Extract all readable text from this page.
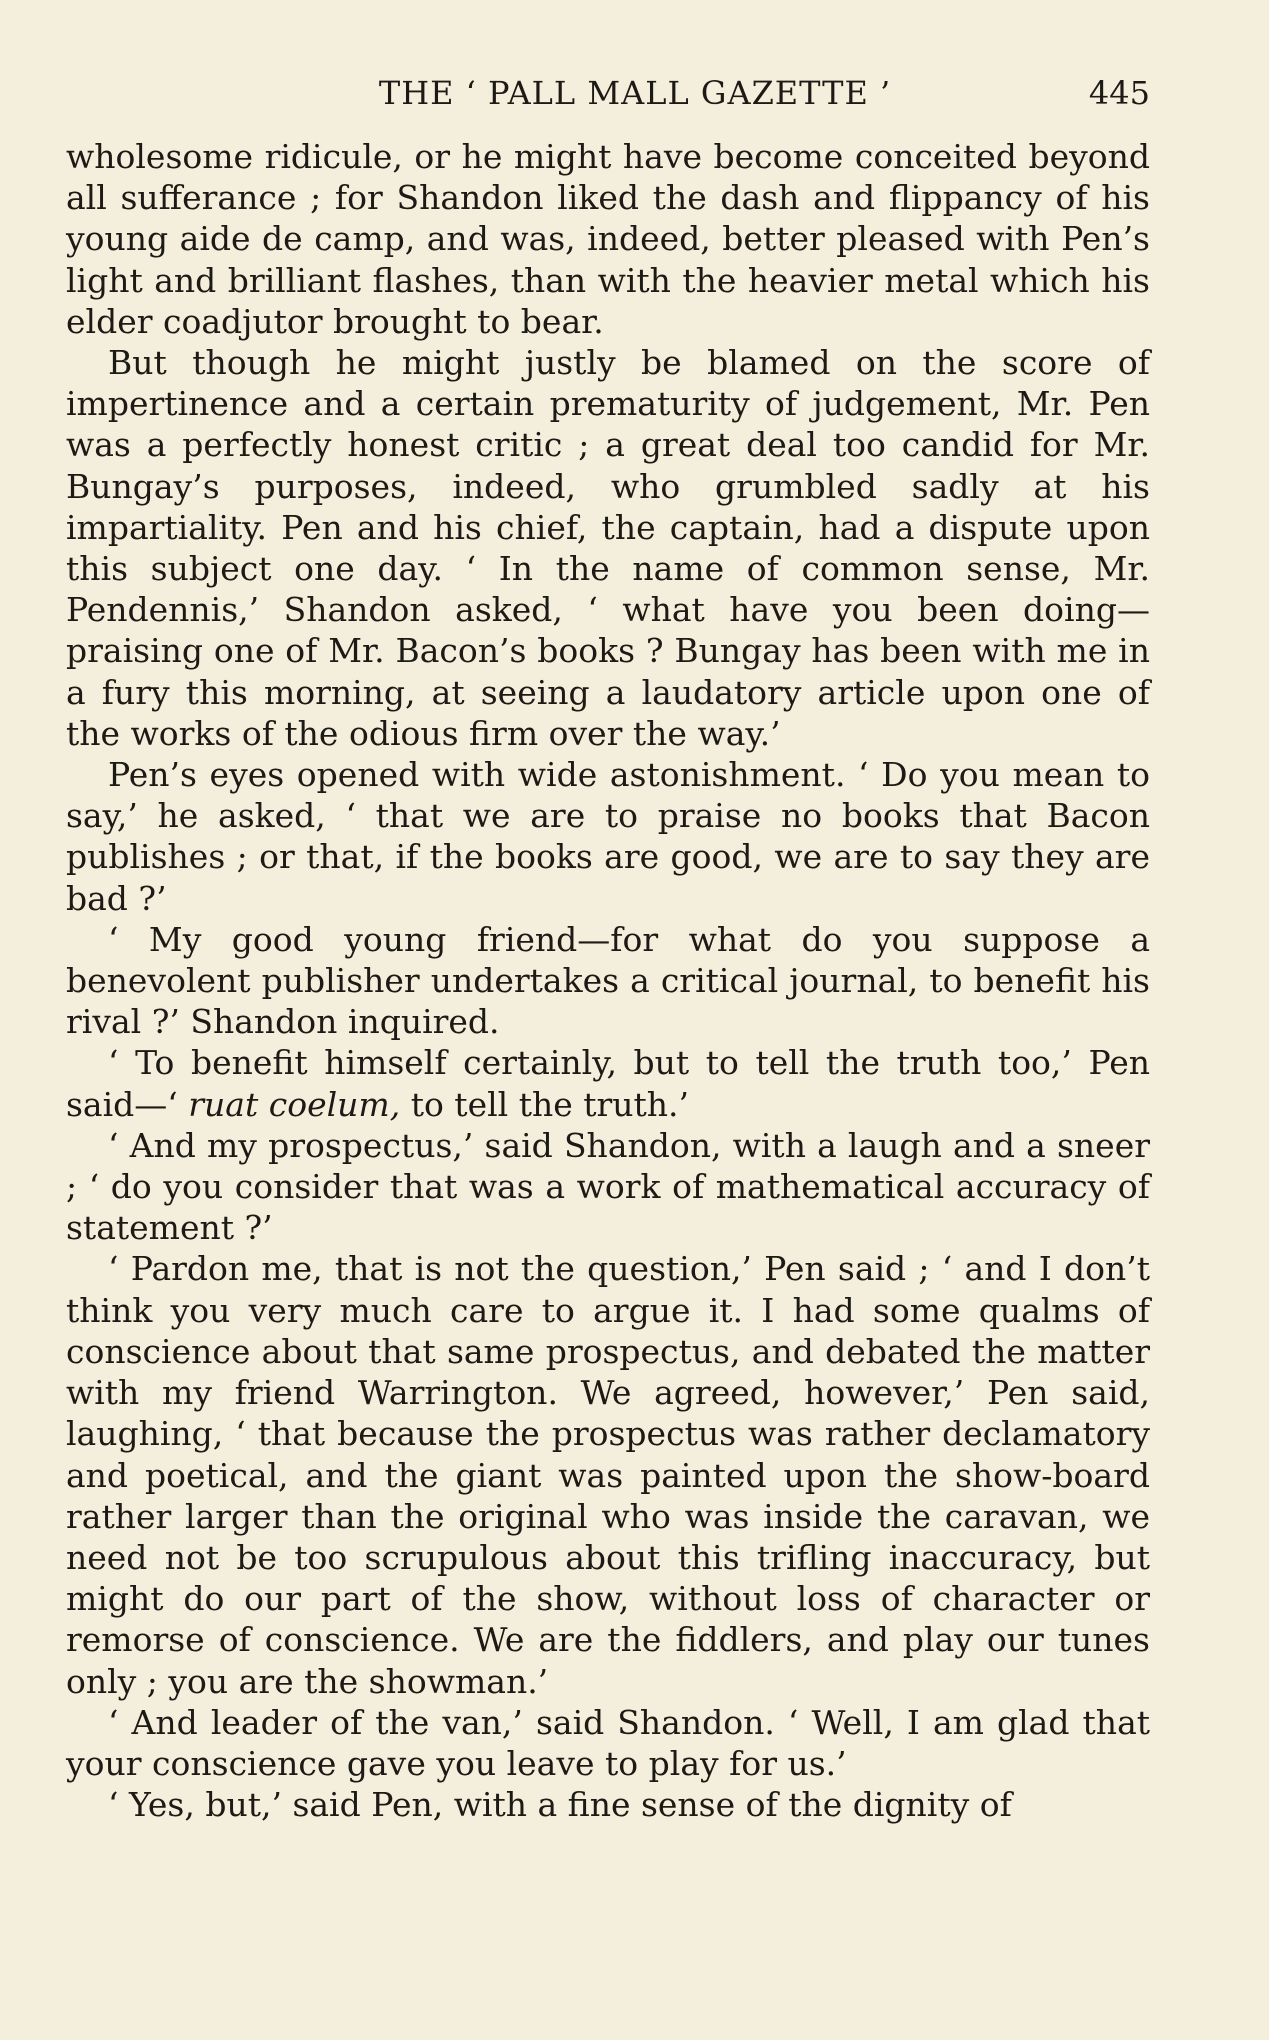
THE ‘ PALL MALL GAZETTE ’	445

wholesome ridicule, or he might have become conceited beyond all sufferance ; for Shandon liked the dash and flippancy of his young aide de camp, and was, indeed, better pleased with Pen’s light and brilliant flashes, than with the heavier metal which his elder coadjutor brought to bear.

But though he might justly be blamed on the score of impertinence and a certain prematurity of judgement, Mr. Pen was a perfectly honest critic ; a great deal too candid for Mr. Bungay’s purposes, indeed, who grumbled sadly at his impartiality. Pen and his chief, the captain, had a dispute upon this subject one day. ‘ In the name of common sense, Mr. Pendennis,’ Shandon asked, ‘ what have you been doing—praising one of Mr. Bacon’s books ? Bungay has been with me in a fury this morning, at seeing a laudatory article upon one of the works of the odious firm over the way.’

Pen’s eyes opened with wide astonishment. ‘ Do you mean to say,’ he asked, ‘ that we are to praise no books that Bacon publishes ; or that, if the books are good, we are to say they are bad ?’

‘ My good young friend—for what do you suppose a benevolent publisher undertakes a critical journal, to benefit his rival ?’ Shandon inquired.

‘ To benefit himself certainly, but to tell the truth too,’ Pen said—‘ ruat coelum, to tell the truth.’

‘ And my prospectus,’ said Shandon, with a laugh and a sneer ; ‘ do you consider that was a work of mathematical accuracy of statement ?’

‘ Pardon me, that is not the question,’ Pen said ; ‘ and I don’t think you very much care to argue it. I had some qualms of conscience about that same prospectus, and debated the matter with my friend Warrington. We agreed, however,’ Pen said, laughing, ‘ that because the prospectus was rather declamatory and poetical, and the giant was painted upon the show-board rather larger than the original who was inside the caravan, we need not be too scrupulous about this trifling inaccuracy, but might do our part of the show, without loss of character or remorse of conscience. We are the fiddlers, and play our tunes only ; you are the showman.’

‘ And leader of the van,’ said Shandon. ‘ Well, I am glad that your conscience gave you leave to play for us.’

‘ Yes, but,’ said Pen, with a fine sense of the dignity of
